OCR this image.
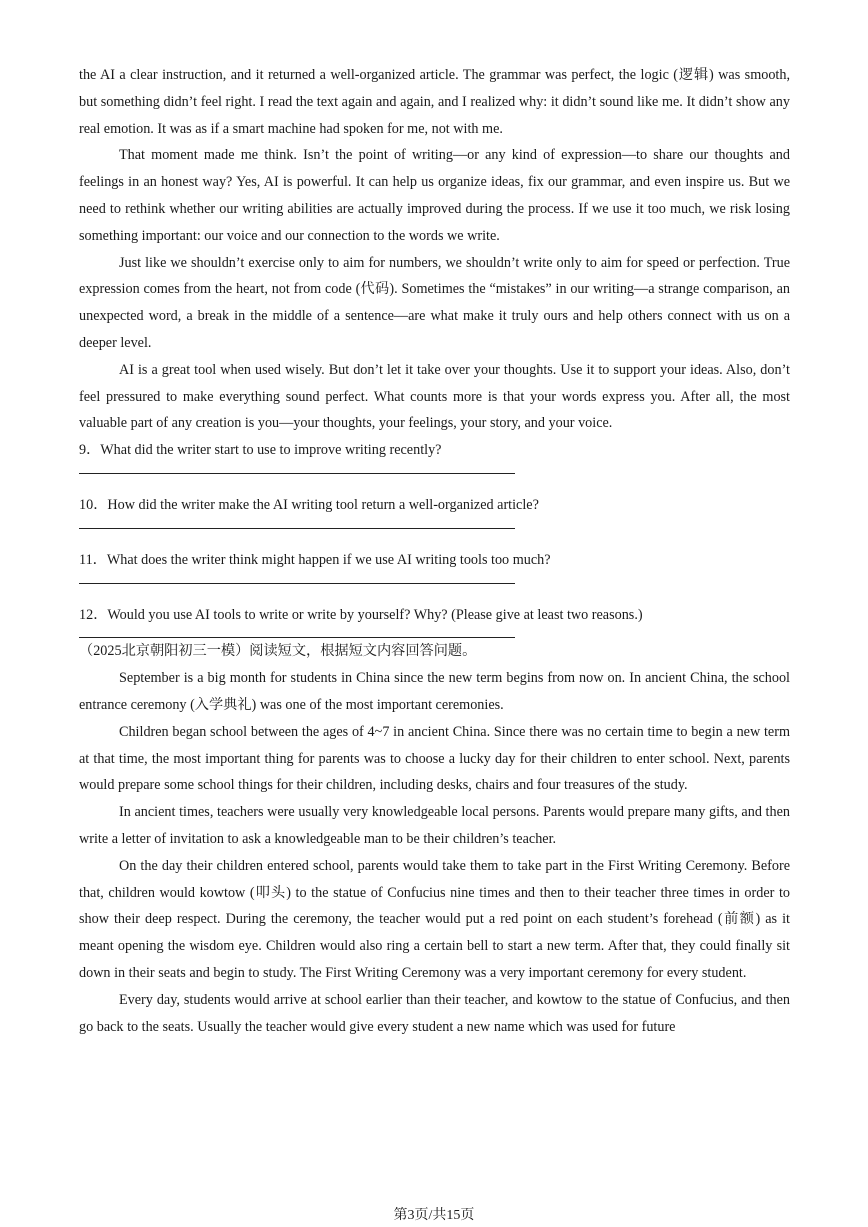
the AI a clear instruction, and it returned a well-organized article. The grammar was perfect, the logic (逻辑) was smooth, but something didn’t feel right. I read the text again and again, and I realized why: it didn’t sound like me. It didn’t show any real emotion. It was as if a smart machine had spoken for me, not with me.

That moment made me think. Isn’t the point of writing—or any kind of expression—to share our thoughts and feelings in an honest way? Yes, AI is powerful. It can help us organize ideas, fix our grammar, and even inspire us. But we need to rethink whether our writing abilities are actually improved during the process. If we use it too much, we risk losing something important: our voice and our connection to the words we write.

Just like we shouldn’t exercise only to aim for numbers, we shouldn’t write only to aim for speed or perfection. True expression comes from the heart, not from code (代码). Sometimes the “mistakes” in our writing—a strange comparison, an unexpected word, a break in the middle of a sentence—are what make it truly ours and help others connect with us on a deeper level.

AI is a great tool when used wisely. But don’t let it take over your thoughts. Use it to support your ideas. Also, don’t feel pressured to make everything sound perfect. What counts more is that your words express you. After all, the most valuable part of any creation is you—your thoughts, your feelings, your story, and your voice.

9．What did the writer start to use to improve writing recently?

10．How did the writer make the AI writing tool return a well-organized article?

11．What does the writer think might happen if we use AI writing tools too much?

12．Would you use AI tools to write or write by yourself? Why? (Please give at least two reasons.)

（2025北京朝阳初三一模）阅读短文，根据短文内容回答问题。

September is a big month for students in China since the new term begins from now on. In ancient China, the school entrance ceremony (入学典礼) was one of the most important ceremonies.

Children began school between the ages of 4~7 in ancient China. Since there was no certain time to begin a new term at that time, the most important thing for parents was to choose a lucky day for their children to enter school. Next, parents would prepare some school things for their children, including desks, chairs and four treasures of the study.

In ancient times, teachers were usually very knowledgeable local persons. Parents would prepare many gifts, and then write a letter of invitation to ask a knowledgeable man to be their children’s teacher.

On the day their children entered school, parents would take them to take part in the First Writing Ceremony. Before that, children would kowtow (叩头) to the statue of Confucius nine times and then to their teacher three times in order to show their deep respect. During the ceremony, the teacher would put a red point on each student’s forehead (前额) as it meant opening the wisdom eye. Children would also ring a certain bell to start a new term. After that, they could finally sit down in their seats and begin to study. The First Writing Ceremony was a very important ceremony for every student.

Every day, students would arrive at school earlier than their teacher, and kowtow to the statue of Confucius, and then go back to the seats. Usually the teacher would give every student a new name which was used for future

第3页/共15页
